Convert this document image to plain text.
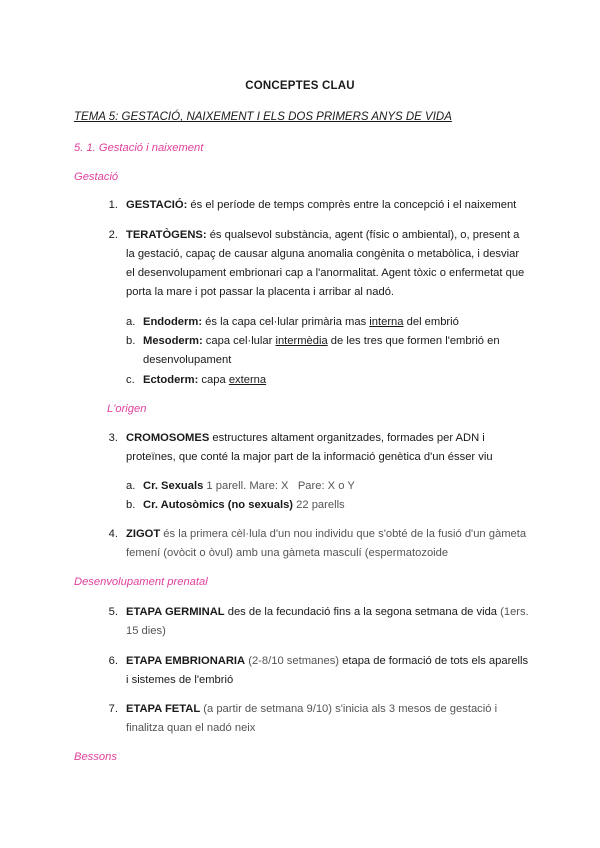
CONCEPTES CLAU
TEMA 5: GESTACIÓ, NAIXEMENT I ELS DOS PRIMERS ANYS DE VIDA
5. 1. Gestació i naixement
Gestació
1. GESTACIÓ: és el període de temps comprès entre la concepció i el naixement
2. TERATÒGENS: és qualsevol substància, agent (físic o ambiental), o, present a
la gestació, capaç de causar alguna anomalia congènita o metabòlica, i desviar
el desenvolupament embrionari cap a l'anormalitat. Agent tòxic o enfermetat que
porta la mare i pot passar la placenta i arribar al nadó.
a. Endoderm: és la capa cel·lular primària mas interna del embrió
b. Mesoderm: capa cel·lular intermèdia de les tres que formen l'embrió en
desenvolupament
c. Ectoderm: capa externa
L'origen
3. CROMOSOMES estructures altament organitzades, formades per ADN i
proteïnes, que conté la major part de la informació genètica d'un ésser viu
a. Cr. Sexuals 1 parell. Mare: X   Pare: X o Y
b. Cr. Autosòmics (no sexuals) 22 parells
4. ZIGOT és la primera cèl·lula d'un nou individu que s'obté de la fusió d'un gàmeta
femení (ovòcit o òvul) amb una gàmeta masculí (espermatozoide
Desenvolupament prenatal
5. ETAPA GERMINAL des de la fecundació fins a la segona setmana de vida (1ers.
15 dies)
6. ETAPA EMBRIONARIA (2-8/10 setmanes) etapa de formació de tots els aparells
i sistemes de l'embrió
7. ETAPA FETAL (a partir de setmana 9/10) s'inicia als 3 mesos de gestació i
finalitza quan el nadó neix
Bessons
